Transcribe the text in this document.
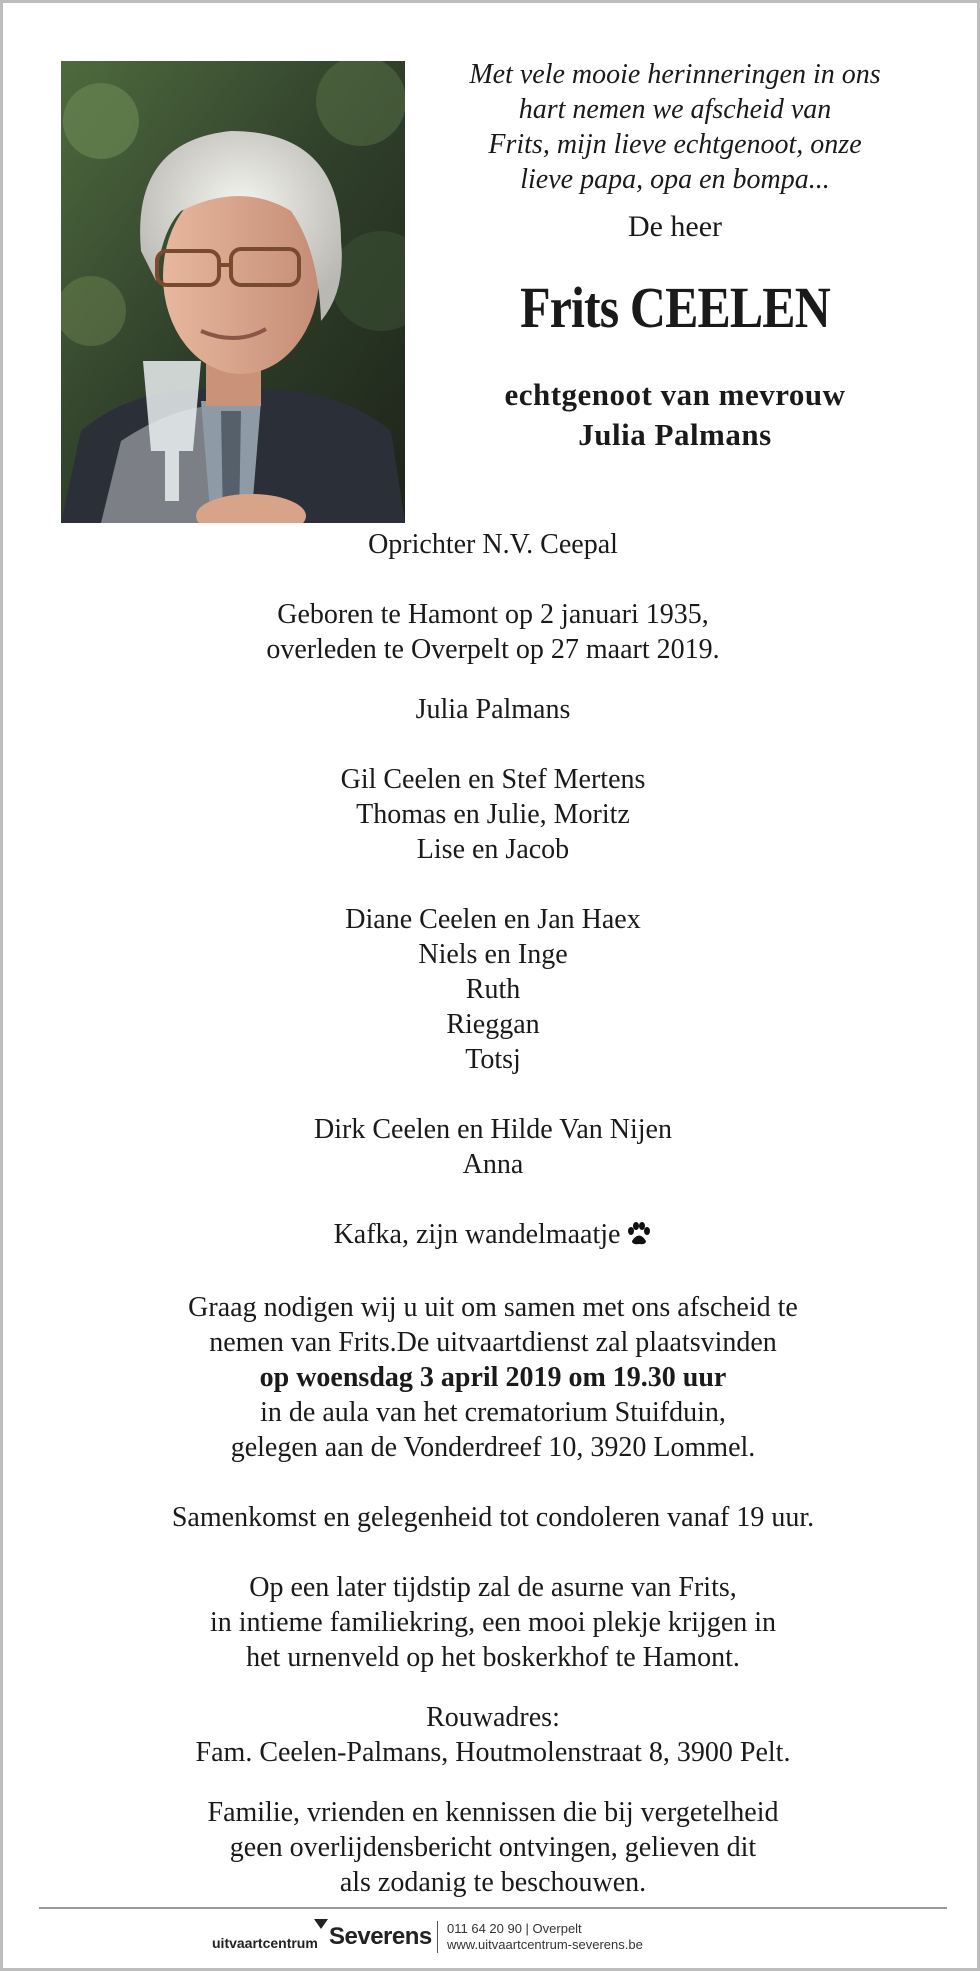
Met vele mooie herinneringen in ons
hart nemen we afscheid van
Frits, mijn lieve echtgenoot, onze
lieve papa, opa en bompa...
De heer
Frits CEELEN
echtgenoot van mevrouw
Julia Palmans
Oprichter N.V. Ceepal
Geboren te Hamont op 2 januari 1935,
overleden te Overpelt op 27 maart 2019.
Julia Palmans
Gil Ceelen en Stef Mertens
Thomas en Julie, Moritz
Lise en Jacob
Diane Ceelen en Jan Haex
Niels en Inge
Ruth
Rieggan
Totsj
Dirk Ceelen en Hilde Van Nijen
Anna
Kafka, zijn wandelmaatje
Graag nodigen wij u uit om samen met ons afscheid te
nemen van Frits.De uitvaartdienst zal plaatsvinden
op woensdag 3 april 2019 om 19.30 uur
in de aula van het crematorium Stuifduin,
gelegen aan de Vonderdreef 10, 3920 Lommel.
Samenkomst en gelegenheid tot condoleren vanaf 19 uur.
Op een later tijdstip zal de asurne van Frits,
in intieme familiekring, een mooi plekje krijgen in
het urnenveld op het boskerkhof te Hamont.
Rouwadres:
Fam. Ceelen-Palmans, Houtmolenstraat 8, 3900 Pelt.
Familie, vrienden en kennissen die bij vergetelheid
geen overlijdensbericht ontvingen, gelieven dit
als zodanig te beschouwen.
uitvaartcentrum Severens 011 64 20 90 | Overpelt
www.uitvaartcentrum-severens.be
